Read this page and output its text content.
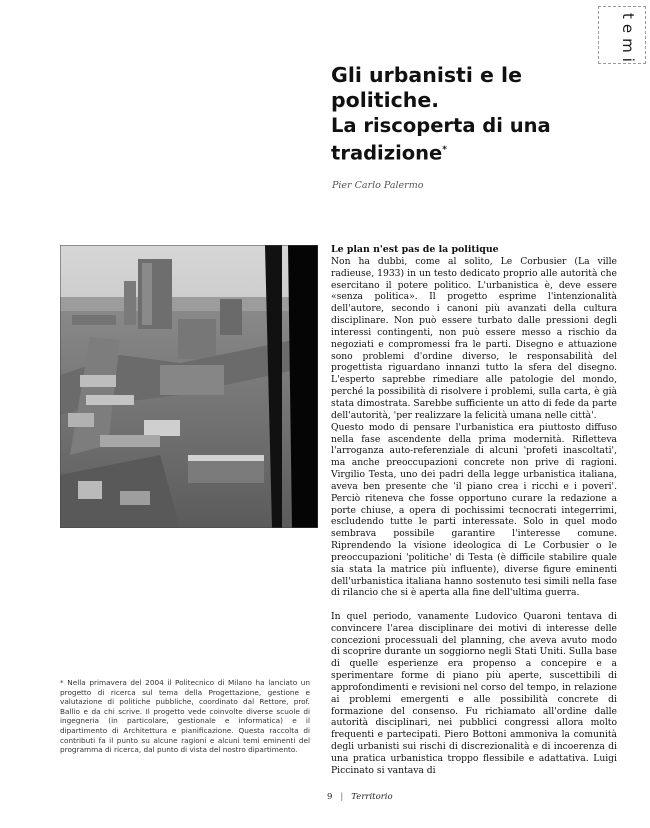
temi
Gli urbanisti e le politiche.
La riscoperta di una tradizione*
Pier Carlo Palermo
Le plan n'est pas de la politique

Non ha dubbi, come al solito, Le Corbusier (La ville radieuse, 1933) in un testo dedicato proprio alle autorità che esercitano il potere politico. L'urbanistica è, deve essere «senza politica». Il progetto esprime l'intenzionalità dell'autore, secondo i canoni più avanzati della cultura disciplinare. Non può essere turbato dalle pressioni degli interessi contingenti, non può essere messo a rischio da negoziati e compromessi fra le parti. Disegno e attuazione sono problemi d'ordine diverso, le responsabilità del progettista riguardano innanzi tutto la sfera del disegno. L'esperto saprebbe rimediare alle patologie del mondo, perché la possibilità di risolvere i problemi, sulla carta, è già stata dimostrata. Sarebbe sufficiente un atto di fede da parte dell'autorità, 'per realizzare la felicità umana nelle città'.

Questo modo di pensare l'urbanistica era piuttosto diffuso nella fase ascendente della prima modernità. Rifletteva l'arroganza auto-referenziale di alcuni 'profeti inascoltati', ma anche preoccupazioni concrete non prive di ragioni. Virgilio Testa, uno dei padri della legge urbanistica italiana, aveva ben presente che 'il piano crea i ricchi e i poveri'. Perciò riteneva che fosse opportuno curare la redazione a porte chiuse, a opera di pochissimi tecnocrati integerrimi, escludendo tutte le parti interessate. Solo in quel modo sembrava possibile garantire l'interesse comune. Riprendendo la visione ideologica di Le Corbusier o le preoccupazioni 'politiche' di Testa (è difficile stabilire quale sia stata la matrice più influente), diverse figure eminenti dell'urbanistica italiana hanno sostenuto tesi simili nella fase di rilancio che si è aperta alla fine dell'ultima guerra.

In quel periodo, vanamente Ludovico Quaroni tentava di convincere l'area disciplinare dei motivi di interesse delle concezioni processuali del planning, che aveva avuto modo di scoprire durante un soggiorno negli Stati Uniti. Sulla base di quelle esperienze era propenso a concepire e a sperimentare forme di piano più aperte, suscettibili di approfondimenti e revisioni nel corso del tempo, in relazione ai problemi emergenti e alle possibilità concrete di formazione del consenso. Fu richiamato all'ordine dalle autorità disciplinari, nei pubblici congressi allora molto frequenti e partecipati. Piero Bottoni ammoniva la comunità degli urbanisti sui rischi di discrezionalità e di incoerenza di una pratica urbanistica troppo flessibile e adattativa. Luigi Piccinato si vantava di

* Nella primavera del 2004 il Politecnico di Milano ha lanciato un progetto di ricerca sul tema della Progettazione, gestione e valutazione di politiche pubbliche, coordinato dal Rettore, prof. Ballio e da chi scrive. Il progetto vede coinvolte diverse scuole di ingegneria (in particolare, gestionale e informatica) e il dipartimento di Architettura e pianificazione. Questa raccolta di contributi fa il punto su alcune ragioni e alcuni temi eminenti del programma di ricerca, dal punto di vista del nostro dipartimento.

9 | Territorio
